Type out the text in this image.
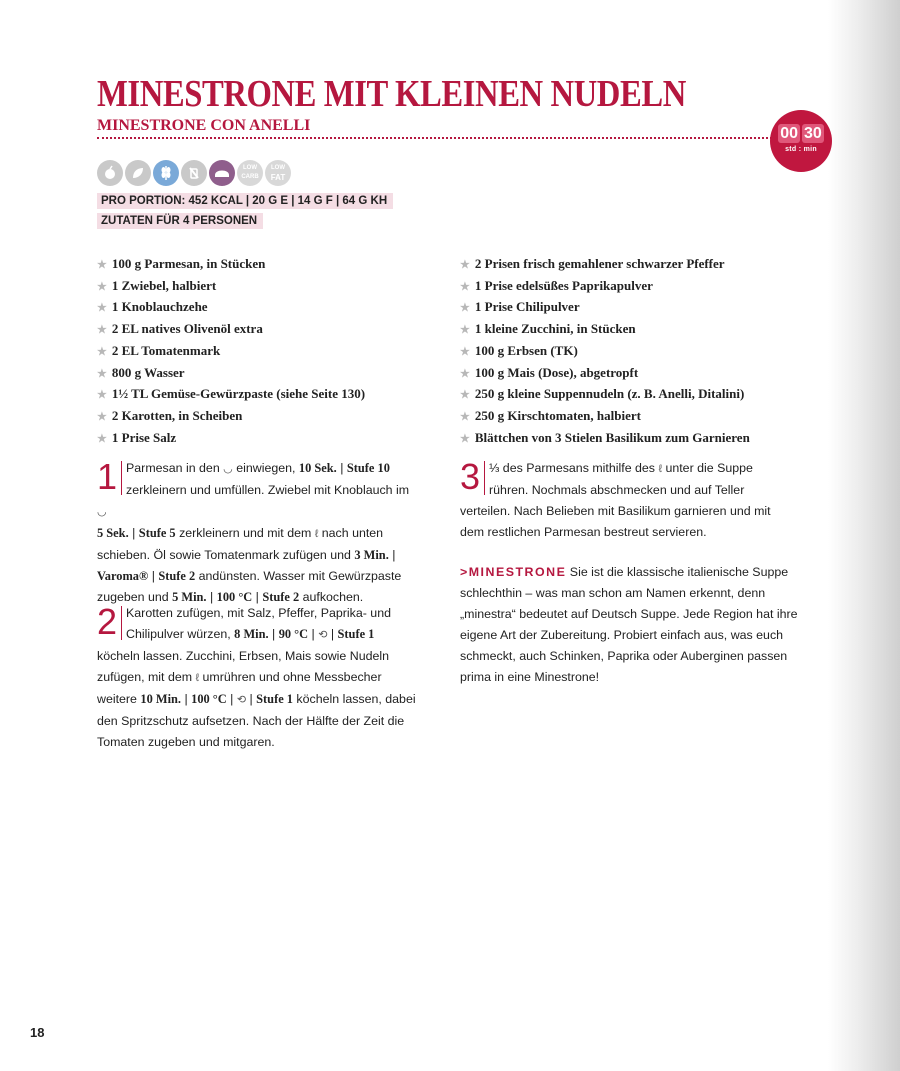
MINESTRONE MIT KLEINEN NUDELN
MINESTRONE CON ANELLI	00 30
std : min
LOW
CARB
LOW
FAT
PRO PORTION: 452 KCAL | 20 G E | 14 G F | 64 G KH
ZUTATEN FÜR 4 PERSONEN
★ 100 g Parmesan, in Stücken
★ 1 Zwiebel, halbiert
★ 1 Knoblauchzehe
★ 2 EL natives Olivenöl extra
★ 2 EL Tomatenmark
★ 800 g Wasser
★ 1½ TL Gemüse-Gewürzpaste (siehe Seite 130)
★ 2 Karotten, in Scheiben
★ 1 Prise Salz
★ 2 Prisen frisch gemahlener schwarzer Pfeffer
★ 1 Prise edelsüßes Paprikapulver
★ 1 Prise Chilipulver
★ 1 kleine Zucchini, in Stücken
★ 100 g Erbsen (TK)
★ 100 g Mais (Dose), abgetropft
★ 250 g kleine Suppennudeln (z. B. Anelli, Ditalini)
★ 250 g Kirschtomaten, halbiert
★ Blättchen von 3 Stielen Basilikum zum Garnieren
1 Parmesan in den ◡ einwiegen, 10 Sek. | Stufe 10 zerkleinern und umfüllen. Zwiebel mit Knoblauch im ◡
5 Sek. | Stufe 5 zerkleinern und mit dem ℓ nach unten schieben. Öl sowie Tomatenmark zufügen und 3 Min. | Varoma® | Stufe 2 andünsten. Wasser mit Gewürzpaste zugeben und 5 Min. | 100 °C | Stufe 2 aufkochen.
2 Karotten zufügen, mit Salz, Pfeffer, Paprika- und Chilipulver würzen, 8 Min. | 90 °C | ⟲ | Stufe 1 köcheln lassen. Zucchini, Erbsen, Mais sowie Nudeln zufügen, mit dem ℓ umrühren und ohne Messbecher weitere 10 Min. | 100 °C | ⟲ | Stufe 1 köcheln lassen, dabei den Spritzschutz aufsetzen. Nach der Hälfte der Zeit die Tomaten zugeben und mitgaren.
3 ⅓ des Parmesans mithilfe des ℓ unter die Suppe rühren. Nochmals abschmecken und auf Teller verteilen. Nach Belieben mit Basilikum garnieren und mit dem restlichen Parmesan bestreut servieren.
>MINESTRONE Sie ist die klassische italienische Suppe schlechthin – was man schon am Namen erkennt, denn „minestra“ bedeutet auf Deutsch Suppe. Jede Region hat ihre eigene Art der Zubereitung. Probiert einfach aus, was euch schmeckt, auch Schinken, Paprika oder Auberginen passen prima in eine Minestrone!
18
